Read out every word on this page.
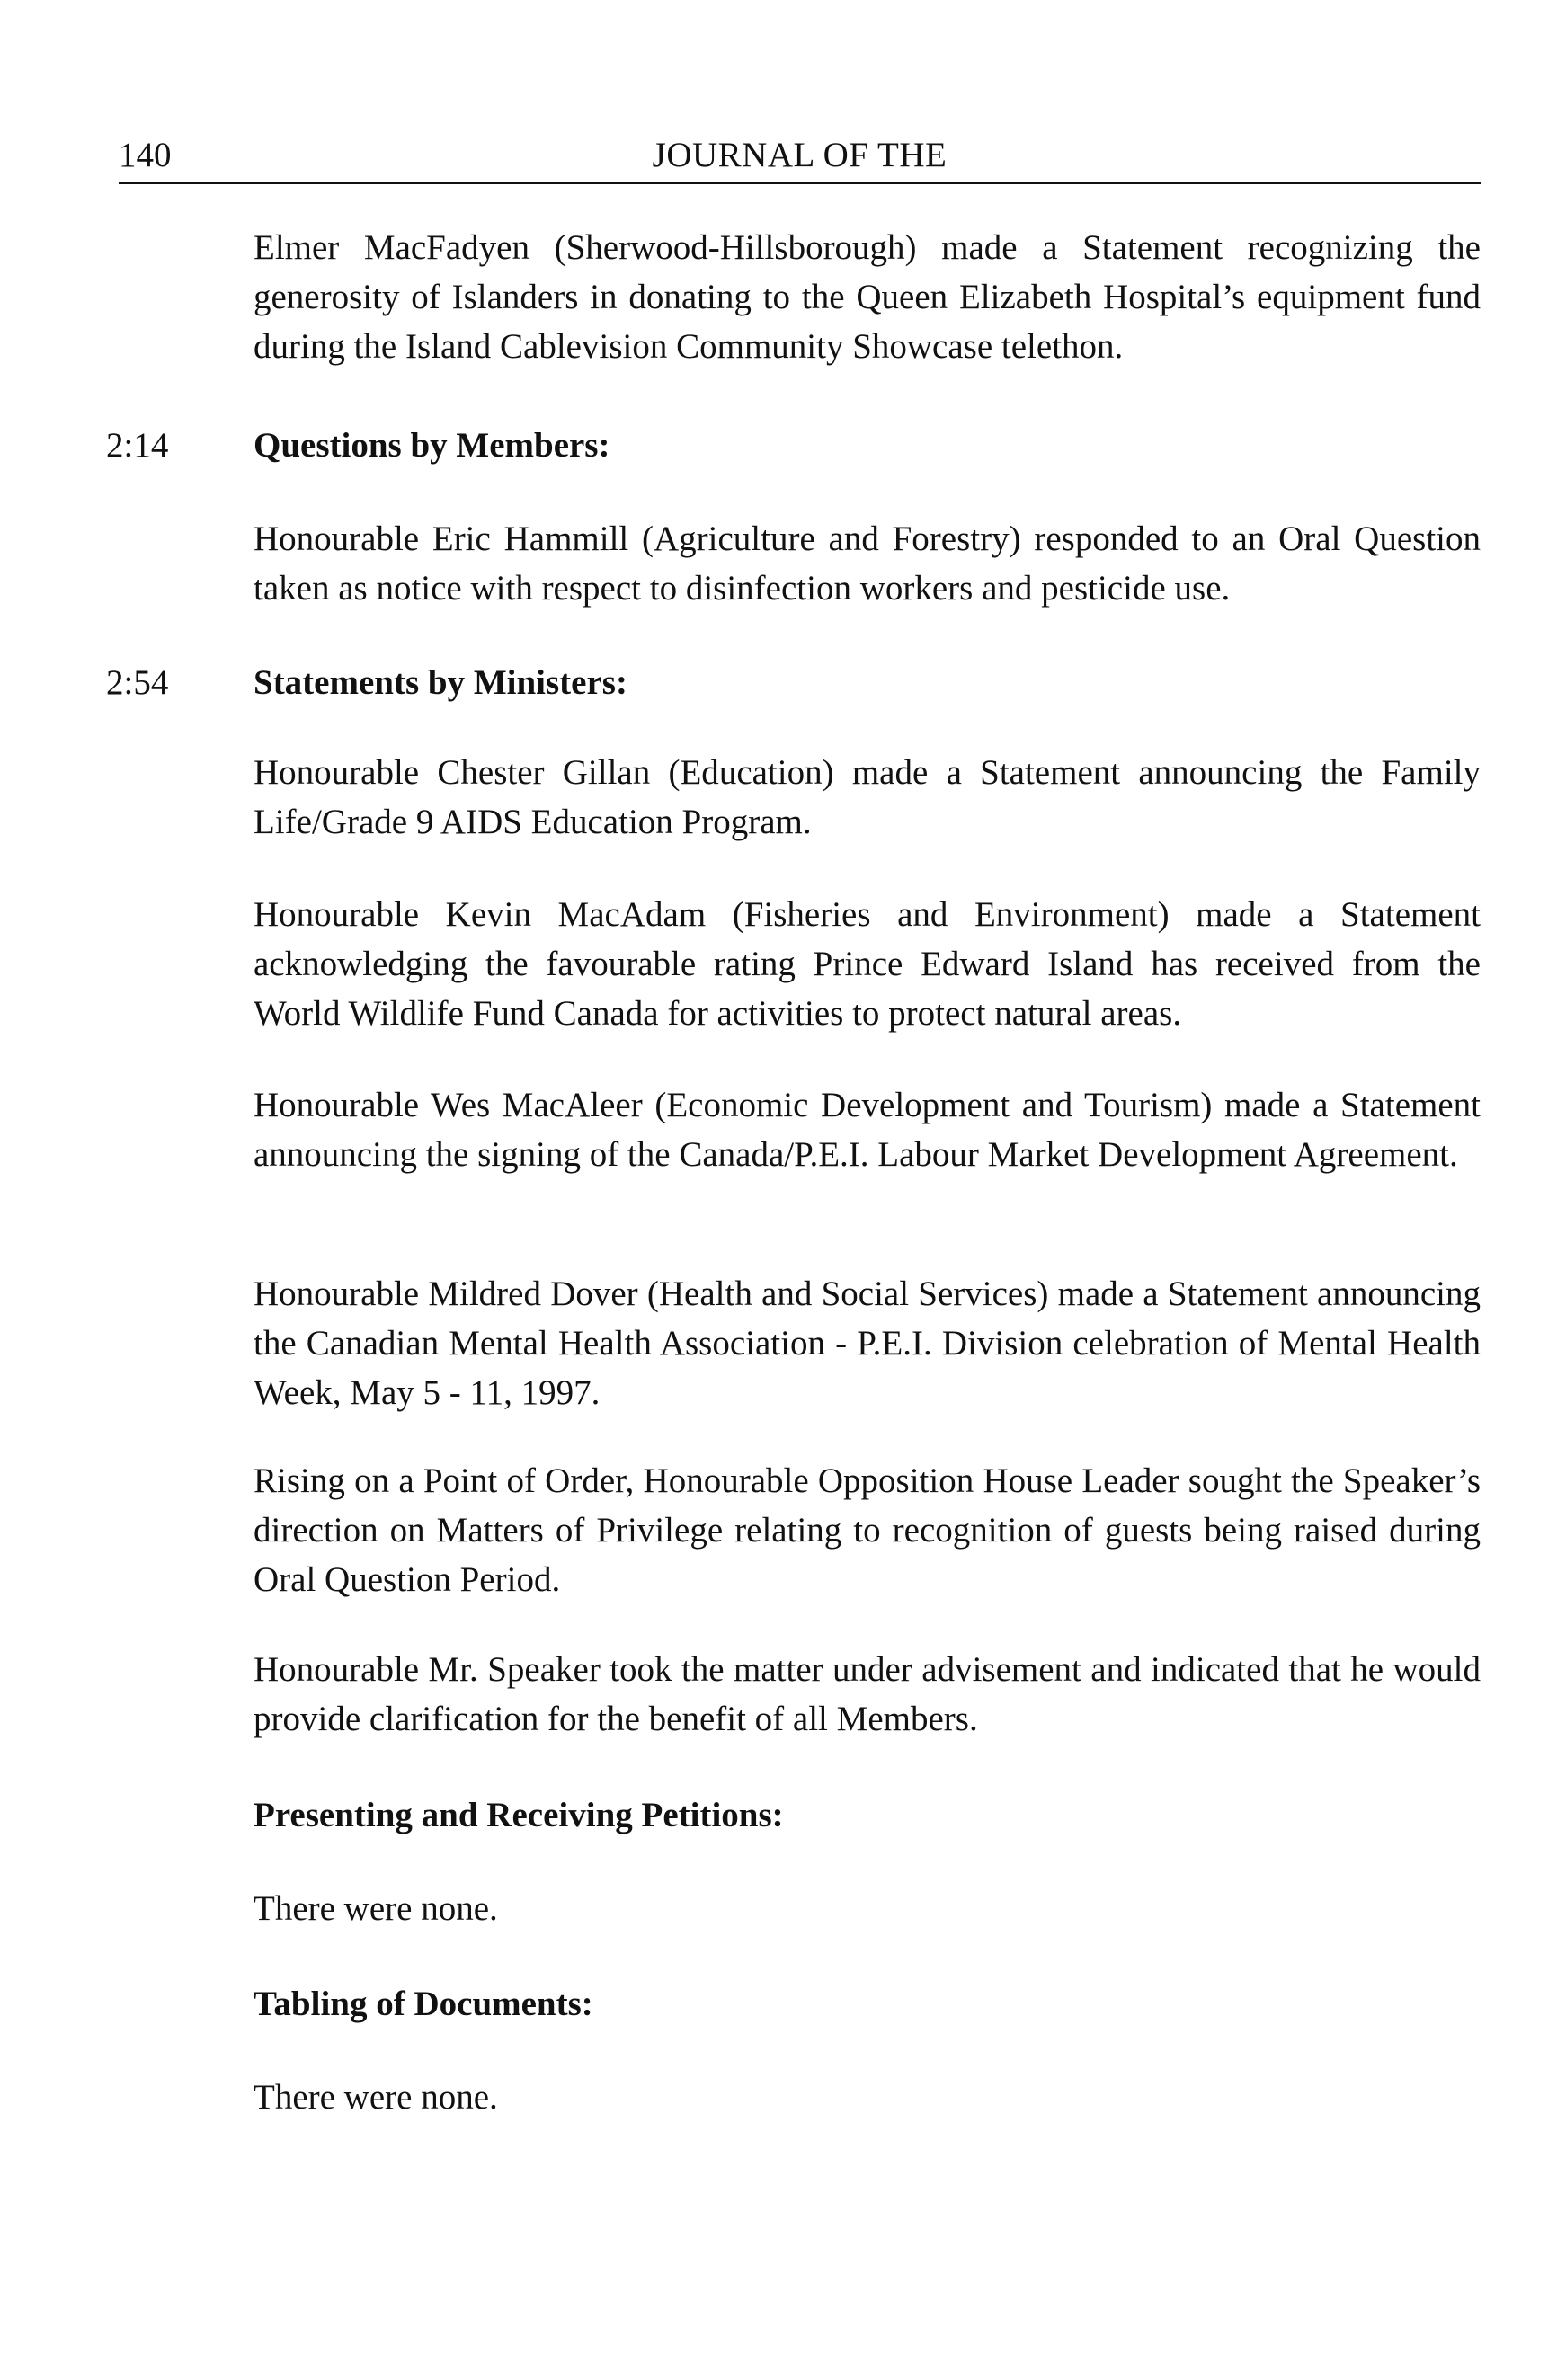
140	JOURNAL OF THE
Elmer MacFadyen (Sherwood-Hillsborough) made a Statement recognizing the generosity of Islanders in donating to the Queen Elizabeth Hospital’s equipment fund during the Island Cablevision Community Showcase telethon.
2:14 Questions by Members:
Honourable Eric Hammill (Agriculture and Forestry) responded to an Oral Question taken as notice with respect to disinfection workers and pesticide use.
2:54 Statements by Ministers:
Honourable Chester Gillan (Education) made a Statement announcing the Family Life/Grade 9 AIDS Education Program.
Honourable Kevin MacAdam (Fisheries and Environment) made a Statement acknowledging the favourable rating Prince Edward Island has received from the World Wildlife Fund Canada for activities to protect natural areas.
Honourable Wes MacAleer (Economic Development and Tourism) made a Statement announcing the signing of the Canada/P.E.I. Labour Market Development Agreement.
Honourable Mildred Dover (Health and Social Services) made a Statement announcing the Canadian Mental Health Association - P.E.I. Division celebration of Mental Health Week, May 5 - 11, 1997.
Rising on a Point of Order, Honourable Opposition House Leader sought the Speaker’s direction on Matters of Privilege relating to recognition of guests being raised during Oral Question Period.
Honourable Mr. Speaker took the matter under advisement and indicated that he would provide clarification for the benefit of all Members.
Presenting and Receiving Petitions:
There were none.
Tabling of Documents:
There were none.
